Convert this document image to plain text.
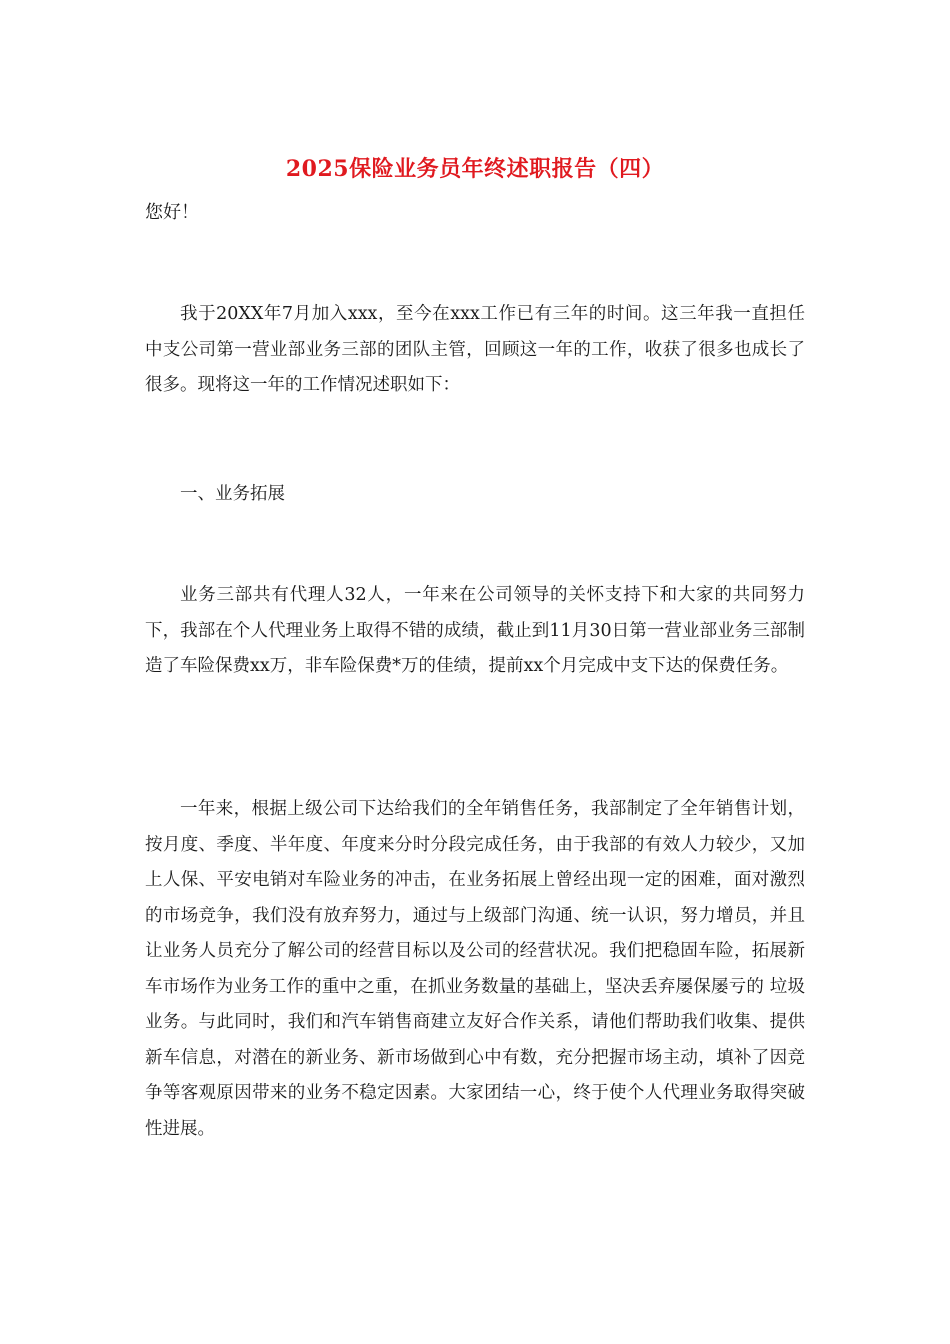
2025保险业务员年终述职报告（四）

您好！

我于20XX年7月加入xxx，至今在xxx工作已有三年的时间。这三年我一直担任中支公司第一营业部业务三部的团队主管，回顾这一年的工作，收获了很多也成长了很多。现将这一年的工作情况述职如下：

一、业务拓展

业务三部共有代理人32人，一年来在公司领导的关怀支持下和大家的共同努力下，我部在个人代理业务上取得不错的成绩，截止到11月30日第一营业部业务三部制造了车险保费xx万，非车险保费*万的佳绩，提前xx个月完成中支下达的保费任务。

一年来，根据上级公司下达给我们的全年销售任务，我部制定了全年销售计划，按月度、季度、半年度、年度来分时分段完成任务，由于我部的有效人力较少，又加上人保、平安电销对车险业务的冲击，在业务拓展上曾经出现一定的困难，面对激烈的市场竞争，我们没有放弃努力，通过与上级部门沟通、统一认识，努力增员，并且让业务人员充分了解公司的经营目标以及公司的经营状况。我们把稳固车险，拓展新车市场作为业务工作的重中之重，在抓业务数量的基础上，坚决丢弃屡保屡亏的 垃圾 业务。与此同时，我们和汽车销售商建立友好合作关系，请他们帮助我们收集、提供新车信息，对潜在的新业务、新市场做到心中有数，充分把握市场主动，填补了因竞争等客观原因带来的业务不稳定因素。大家团结一心，终于使个人代理业务取得突破性进展。
